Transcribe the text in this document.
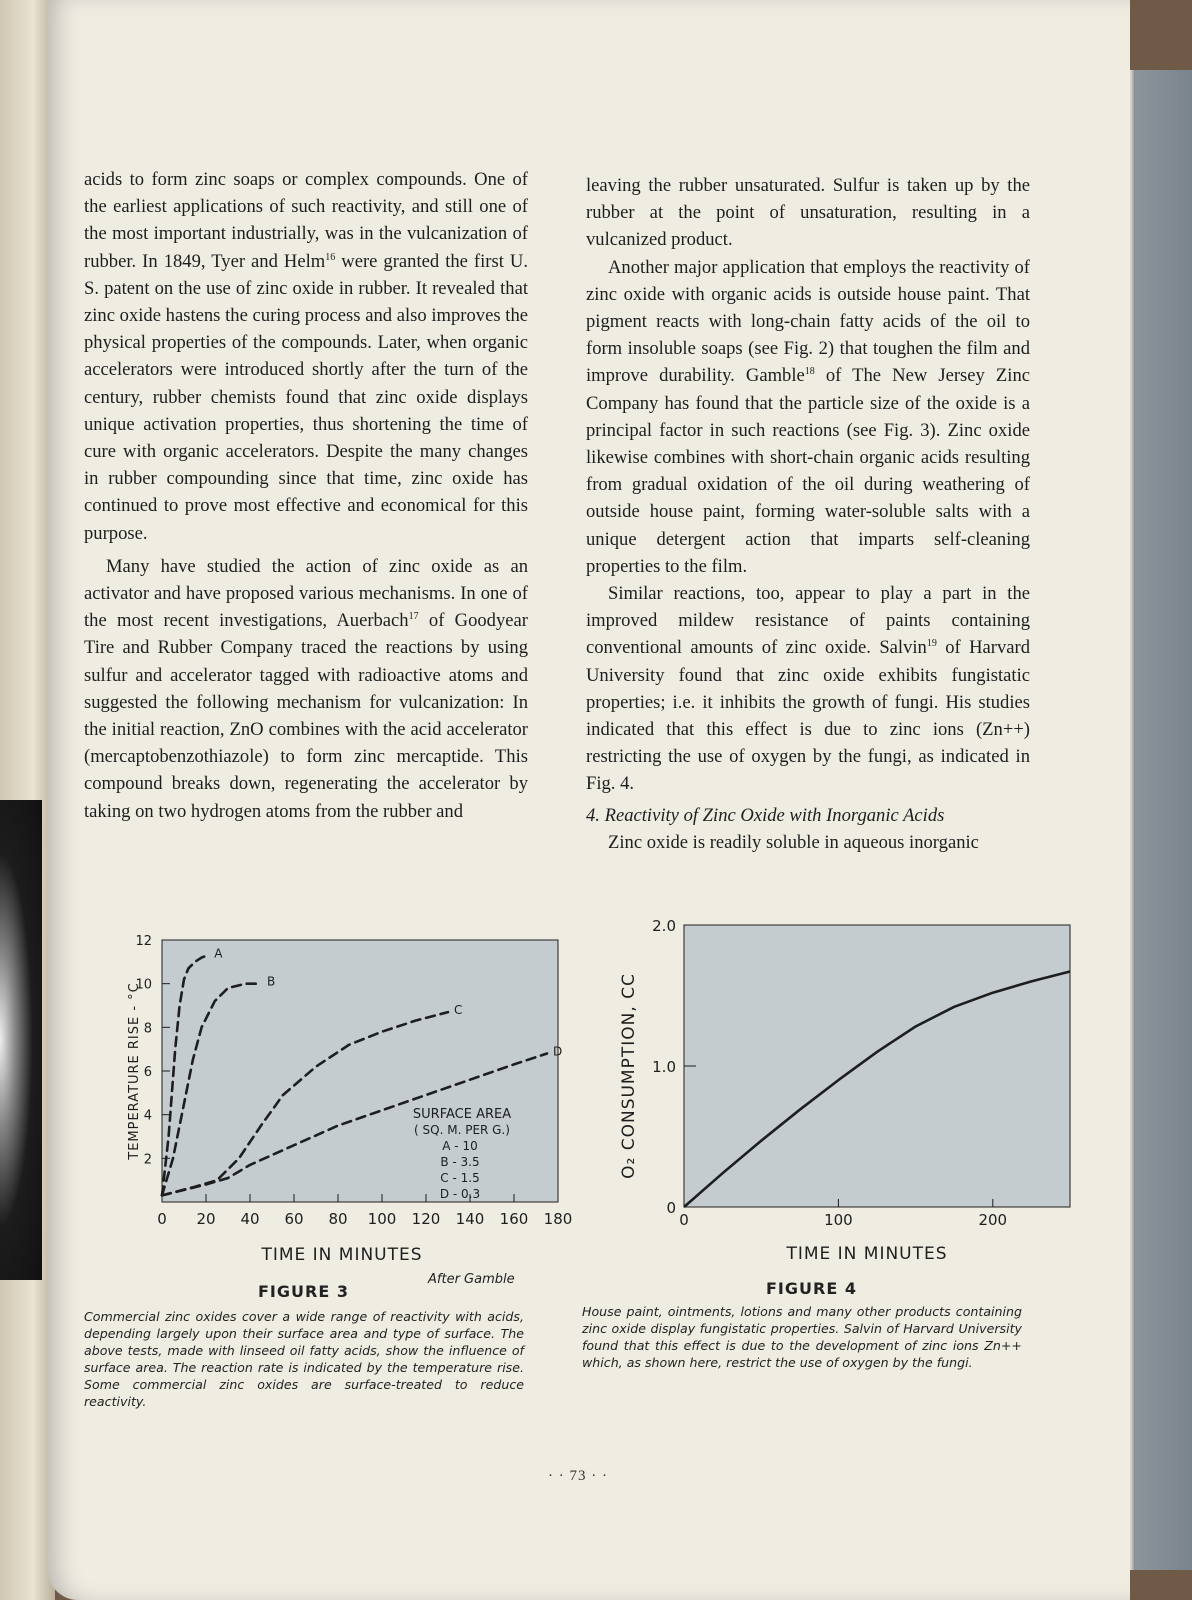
acids to form zinc soaps or complex compounds. One of the earliest applications of such reactivity, and still one of the most important industrially, was in the vulcanization of rubber. In 1849, Tyer and Helm$^{16}$ were granted the first U. S. patent on the use of zinc oxide in rubber. It revealed that zinc oxide hastens the curing process and also improves the physical properties of the compounds. Later, when organic accelerators were introduced shortly after the turn of the century, rubber chemists found that zinc oxide displays unique activation properties, thus shortening the time of cure with organic accelerators. Despite the many changes in rubber compounding since that time, zinc oxide has continued to prove most effective and economical for this purpose.

Many have studied the action of zinc oxide as an activator and have proposed various mechanisms. In one of the most recent investigations, Auerbach$^{17}$ of Goodyear Tire and Rubber Company traced the reactions by using sulfur and accelerator tagged with radioactive atoms and suggested the following mechanism for vulcanization: In the initial reaction, ZnO combines with the acid accelerator (mercaptobenzothiazole) to form zinc mercaptide. This compound breaks down, regenerating the accelerator by taking on two hydrogen atoms from the rubber and

leaving the rubber unsaturated. Sulfur is taken up by the rubber at the point of unsaturation, resulting in a vulcanized product.

Another major application that employs the reactivity of zinc oxide with organic acids is outside house paint. That pigment reacts with long-chain fatty acids of the oil to form insoluble soaps (see Fig. 2) that toughen the film and improve durability. Gamble$^{18}$ of The New Jersey Zinc Company has found that the particle size of the oxide is a principal factor in such reactions (see Fig. 3). Zinc oxide likewise combines with short-chain organic acids resulting from gradual oxidation of the oil during weathering of outside house paint, forming water-soluble salts with a unique detergent action that imparts self-cleaning properties to the film.

Similar reactions, too, appear to play a part in the improved mildew resistance of paints containing conventional amounts of zinc oxide. Salvin$^{19}$ of Harvard University found that zinc oxide exhibits fungistatic properties; i.e. it inhibits the growth of fungi. His studies indicated that this effect is due to zinc ions (Zn++) restricting the use of oxygen by the fungi, as indicated in Fig. 4.

4. Reactivity of Zinc Oxide with Inorganic Acids

Zinc oxide is readily soluble in aqueous inorganic

0 20 40 60 80 100 120 140 160 180
2
4
6
8
10
12
TIME IN MINUTES
TEMPERATURE RISE - °C
A
B
C
D
SURFACE AREA
( SQ. M. PER G.)
A - 10
B - 3.5
C - 1.5
D - 0.3
FIGURE 3
After Gamble
Commercial zinc oxides cover a wide range of reactivity with acids, depending largely upon their surface area and type of surface. The above tests, made with linseed oil fatty acids, show the influence of surface area. The reaction rate is indicated by the temperature rise. Some commercial zinc oxides are surface-treated to reduce reactivity.
0	100	200
0
1.0
2.0
TIME IN MINUTES
O₂ CONSUMPTION, CC
FIGURE 4
House paint, ointments, lotions and many other products containing zinc oxide display fungistatic properties. Salvin of Harvard University found that this effect is due to the development of zinc ions Zn++ which, as shown here, restrict the use of oxygen by the fungi.
· · 73 · ·
